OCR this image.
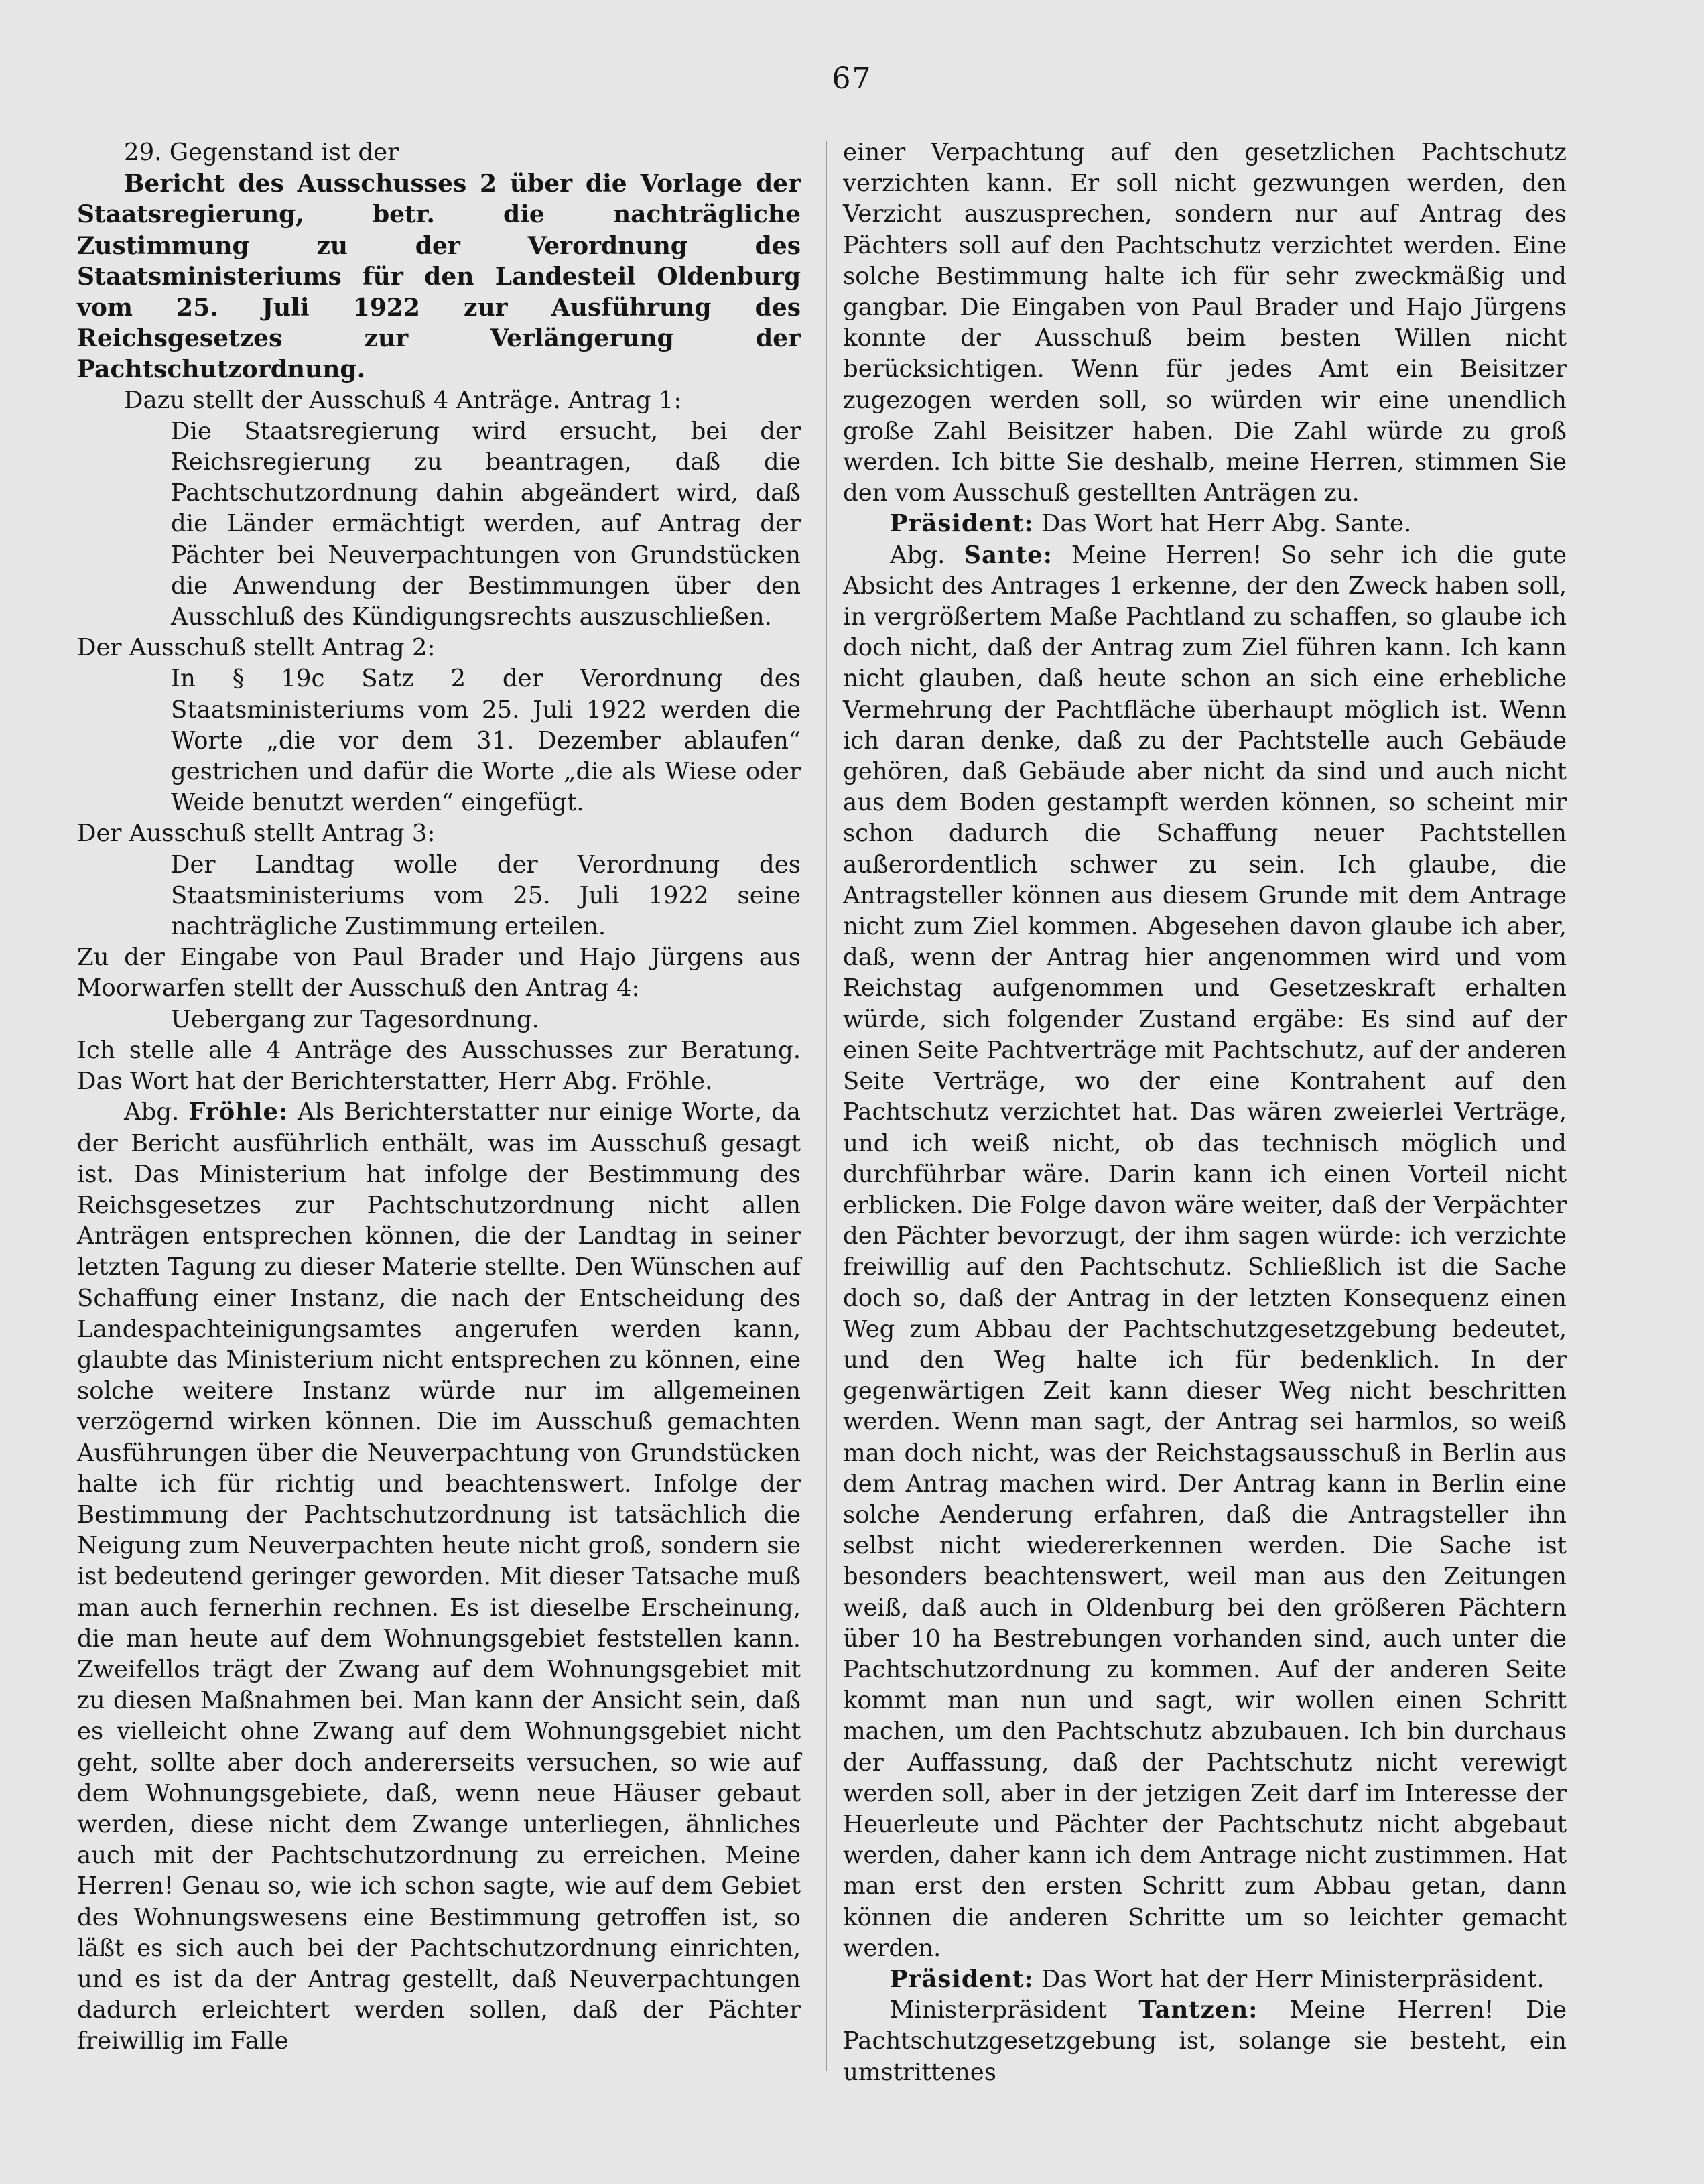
67

29. Gegenstand ist der

Bericht des Ausschusses 2 über die Vorlage der Staatsregierung, betr. die nachträgliche Zustimmung zu der Verordnung des Staatsministeriums für den Landesteil Oldenburg vom 25. Juli 1922 zur Ausführung des Reichsgesetzes zur Verlängerung der Pachtschutzordnung.

Dazu stellt der Ausschuß 4 Anträge. Antrag 1:

Die Staatsregierung wird ersucht, bei der Reichsregierung zu beantragen, daß die Pachtschutzordnung dahin abgeändert wird, daß die Länder ermächtigt werden, auf Antrag der Pächter bei Neuverpachtungen von Grundstücken die Anwendung der Bestimmungen über den Ausschluß des Kündigungsrechts auszuschließen.

Der Ausschuß stellt Antrag 2:

In § 19c Satz 2 der Verordnung des Staatsministeriums vom 25. Juli 1922 werden die Worte „die vor dem 31. Dezember ablaufen“ gestrichen und dafür die Worte „die als Wiese oder Weide benutzt werden“ eingefügt.

Der Ausschuß stellt Antrag 3:

Der Landtag wolle der Verordnung des Staatsministeriums vom 25. Juli 1922 seine nachträgliche Zustimmung erteilen.

Zu der Eingabe von Paul Brader und Hajo Jürgens aus Moorwarfen stellt der Ausschuß den Antrag 4:

Uebergang zur Tagesordnung.

Ich stelle alle 4 Anträge des Ausschusses zur Beratung. Das Wort hat der Berichterstatter, Herr Abg. Fröhle.

Abg. Fröhle: Als Berichterstatter nur einige Worte, da der Bericht ausführlich enthält, was im Ausschuß gesagt ist. Das Ministerium hat infolge der Bestimmung des Reichsgesetzes zur Pachtschutzordnung nicht allen Anträgen entsprechen können, die der Landtag in seiner letzten Tagung zu dieser Materie stellte. Den Wünschen auf Schaffung einer Instanz, die nach der Entscheidung des Landespachteinigungsamtes angerufen werden kann, glaubte das Ministerium nicht entsprechen zu können, eine solche weitere Instanz würde nur im allgemeinen verzögernd wirken können. Die im Ausschuß gemachten Ausführungen über die Neuverpachtung von Grundstücken halte ich für richtig und beachtenswert. Infolge der Bestimmung der Pachtschutzordnung ist tatsächlich die Neigung zum Neuverpachten heute nicht groß, sondern sie ist bedeutend geringer geworden. Mit dieser Tatsache muß man auch fernerhin rechnen. Es ist dieselbe Erscheinung, die man heute auf dem Wohnungsgebiet feststellen kann. Zweifellos trägt der Zwang auf dem Wohnungsgebiet mit zu diesen Maßnahmen bei. Man kann der Ansicht sein, daß es vielleicht ohne Zwang auf dem Wohnungsgebiet nicht geht, sollte aber doch andererseits versuchen, so wie auf dem Wohnungsgebiete, daß, wenn neue Häuser gebaut werden, diese nicht dem Zwange unterliegen, ähnliches auch mit der Pachtschutzordnung zu erreichen. Meine Herren! Genau so, wie ich schon sagte, wie auf dem Gebiet des Wohnungswesens eine Bestimmung getroffen ist, so läßt es sich auch bei der Pachtschutzordnung einrichten, und es ist da der Antrag gestellt, daß Neuverpachtungen dadurch erleichtert werden sollen, daß der Pächter freiwillig im Falle

einer Verpachtung auf den gesetzlichen Pachtschutz verzichten kann. Er soll nicht gezwungen werden, den Verzicht auszusprechen, sondern nur auf Antrag des Pächters soll auf den Pachtschutz verzichtet werden. Eine solche Bestimmung halte ich für sehr zweckmäßig und gangbar. Die Eingaben von Paul Brader und Hajo Jürgens konnte der Ausschuß beim besten Willen nicht berücksichtigen. Wenn für jedes Amt ein Beisitzer zugezogen werden soll, so würden wir eine unendlich große Zahl Beisitzer haben. Die Zahl würde zu groß werden. Ich bitte Sie deshalb, meine Herren, stimmen Sie den vom Ausschuß gestellten Anträgen zu.

Präsident: Das Wort hat Herr Abg. Sante.

Abg. Sante: Meine Herren! So sehr ich die gute Absicht des Antrages 1 erkenne, der den Zweck haben soll, in vergrößertem Maße Pachtland zu schaffen, so glaube ich doch nicht, daß der Antrag zum Ziel führen kann. Ich kann nicht glauben, daß heute schon an sich eine erhebliche Vermehrung der Pachtfläche überhaupt möglich ist. Wenn ich daran denke, daß zu der Pachtstelle auch Gebäude gehören, daß Gebäude aber nicht da sind und auch nicht aus dem Boden gestampft werden können, so scheint mir schon dadurch die Schaffung neuer Pachtstellen außerordentlich schwer zu sein. Ich glaube, die Antragsteller können aus diesem Grunde mit dem Antrage nicht zum Ziel kommen. Abgesehen davon glaube ich aber, daß, wenn der Antrag hier angenommen wird und vom Reichstag aufgenommen und Gesetzeskraft erhalten würde, sich folgender Zustand ergäbe: Es sind auf der einen Seite Pachtverträge mit Pachtschutz, auf der anderen Seite Verträge, wo der eine Kontrahent auf den Pachtschutz verzichtet hat. Das wären zweierlei Verträge, und ich weiß nicht, ob das technisch möglich und durchführbar wäre. Darin kann ich einen Vorteil nicht erblicken. Die Folge davon wäre weiter, daß der Verpächter den Pächter bevorzugt, der ihm sagen würde: ich verzichte freiwillig auf den Pachtschutz. Schließlich ist die Sache doch so, daß der Antrag in der letzten Konsequenz einen Weg zum Abbau der Pachtschutzgesetzgebung bedeutet, und den Weg halte ich für bedenklich. In der gegenwärtigen Zeit kann dieser Weg nicht beschritten werden. Wenn man sagt, der Antrag sei harmlos, so weiß man doch nicht, was der Reichstagsausschuß in Berlin aus dem Antrag machen wird. Der Antrag kann in Berlin eine solche Aenderung erfahren, daß die Antragsteller ihn selbst nicht wiedererkennen werden. Die Sache ist besonders beachtenswert, weil man aus den Zeitungen weiß, daß auch in Oldenburg bei den größeren Pächtern über 10 ha Bestrebungen vorhanden sind, auch unter die Pachtschutzordnung zu kommen. Auf der anderen Seite kommt man nun und sagt, wir wollen einen Schritt machen, um den Pachtschutz abzubauen. Ich bin durchaus der Auffassung, daß der Pachtschutz nicht verewigt werden soll, aber in der jetzigen Zeit darf im Interesse der Heuerleute und Pächter der Pachtschutz nicht abgebaut werden, daher kann ich dem Antrage nicht zustimmen. Hat man erst den ersten Schritt zum Abbau getan, dann können die anderen Schritte um so leichter gemacht werden.

Präsident: Das Wort hat der Herr Ministerpräsident.

Ministerpräsident Tantzen: Meine Herren! Die Pachtschutzgesetzgebung ist, solange sie besteht, ein umstrittenes
